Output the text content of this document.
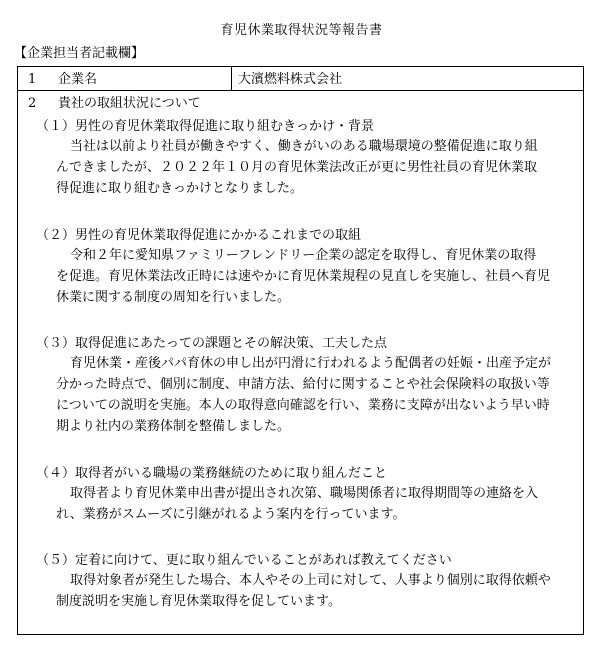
育児休業取得状況等報告書
【企業担当者記載欄】
1 企業名	大濱燃料株式会社
2 貴社の取組状況について
（１）男性の育児休業取得促進に取り組むきっかけ・背景
当社は以前より社員が働きやすく、働きがいのある職場環境の整備促進に取り組
んできましたが、２０２２年１０月の育児休業法改正が更に男性社員の育児休業取
得促進に取り組むきっかけとなりました。
（２）男性の育児休業取得促進にかかるこれまでの取組
令和２年に愛知県ファミリーフレンドリー企業の認定を取得し、育児休業の取得
を促進。育児休業法改正時には速やかに育児休業規程の見直しを実施し、社員へ育児
休業に関する制度の周知を行いました。
（３）取得促進にあたっての課題とその解決策、工夫した点
育児休業・産後パパ育休の申し出が円滑に行われるよう配偶者の妊娠・出産予定が
分かった時点で、個別に制度、申請方法、給付に関することや社会保険料の取扱い等
についての説明を実施。本人の取得意向確認を行い、業務に支障が出ないよう早い時
期より社内の業務体制を整備しました。
（４）取得者がいる職場の業務継続のために取り組んだこと
取得者より育児休業申出書が提出され次第、職場関係者に取得期間等の連絡を入
れ、業務がスムーズに引継がれるよう案内を行っています。
（５）定着に向けて、更に取り組んでいることがあれば教えてください
取得対象者が発生した場合、本人やその上司に対して、人事より個別に取得依頼や
制度説明を実施し育児休業取得を促しています。
